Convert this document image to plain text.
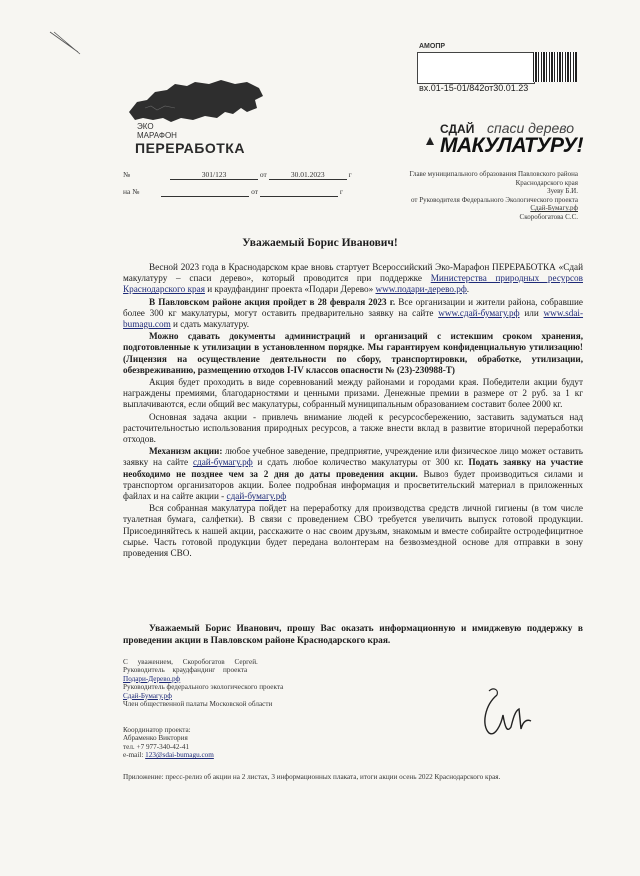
АМОПР
вх.01-15-01/842от30.01.23
ЭКО
МАРАФОН
ПЕРЕРАБОТКА
СДАЙ спаси дерево
МАКУЛАТУРУ!
№	301/123	от	30.01.2023	г
на №	от	г
Главе муниципального образования Павловского района
Краснодарского края
Зуеву Б.И.
от Руководителя Федерального Экологического проекта
Сдай-Бумагу.рф
Скоробогатова С.С.
Уважаемый Борис Иванович!

Весной 2023 года в Краснодарском крае вновь стартует Всероссийский Эко-Марафон ПЕРЕРАБОТКА «Сдай макулатуру – спаси дерево», который проводится при поддержке Министерства природных ресурсов Краснодарского края и краудфандинг проекта «Подари Дерево» www.подари-дерево.рф.

В Павловском районе акция пройдет в 28 февраля 2023 г. Все организации и жители района, собравшие более 300 кг макулатуры, могут оставить предварительно заявку на сайте www.сдай-бумагу.рф или www.sdai-bumagu.com и сдать макулатуру.

Можно сдавать документы администраций и организаций с истекшим сроком хранения, подготовленные к утилизации в установленном порядке. Мы гарантируем конфиденциальную утилизацию! (Лицензия на осуществление деятельности по сбору, транспортировки, обработке, утилизации, обезвреживанию, размещению отходов I-IV классов опасности № (23)-230988-Т)

Акция будет проходить в виде соревнований между районами и городами края. Победители акции будут награждены премиями, благодарностями и ценными призами. Денежные премии в размере от 2 руб. за 1 кг выплачиваются, если общий вес макулатуры, собранный муниципальным образованием составит более 2000 кг.

Основная задача акции - привлечь внимание людей к ресурсосбережению, заставить задуматься над расточительностью использования природных ресурсов, а также внести вклад в развитие вторичной переработки отходов.

Механизм акции: любое учебное заведение, предприятие, учреждение или физическое лицо может оставить заявку на сайте сдай-бумагу.рф и сдать любое количество макулатуры от 300 кг. Подать заявку на участие необходимо не позднее чем за 2 дня до даты проведения акции. Вывоз будет производиться силами и транспортом организаторов акции. Более подробная информация и просветительский материал в приложенных файлах и на сайте акции - сдай-бумагу.рф

Вся собранная макулатура пойдет на переработку для производства средств личной гигиены (в том числе туалетная бумага, салфетки). В связи с проведением СВО требуется увеличить выпуск готовой продукции. Присоединяйтесь к нашей акции, расскажите о нас своим друзьям, знакомым и вместе собирайте остродефицитное сырье. Часть готовой продукции будет передана волонтерам на безвозмездной основе для отправки в зону проведения СВО.

Уважаемый Борис Иванович, прошу Вас оказать информационную и имиджевую поддержку в проведении акции в Павловском районе Краснодарского края.

С уважением, Скоробогатов Сергей.
Руководитель краудфандинг проекта
Подари-Дерево.рф
Руководитель федерального экологического проекта
Сдай-Бумагу.рф
Член общественной палаты Московской области
Координатор проекта:
Абраменко Виктория
тел. +7 977-340-42-41
e-mail: 123@sdai-bumagu.com
Приложение: пресс-релиз об акции на 2 листах, 3 информационных плаката, итоги акции осень 2022 Краснодарского края.
